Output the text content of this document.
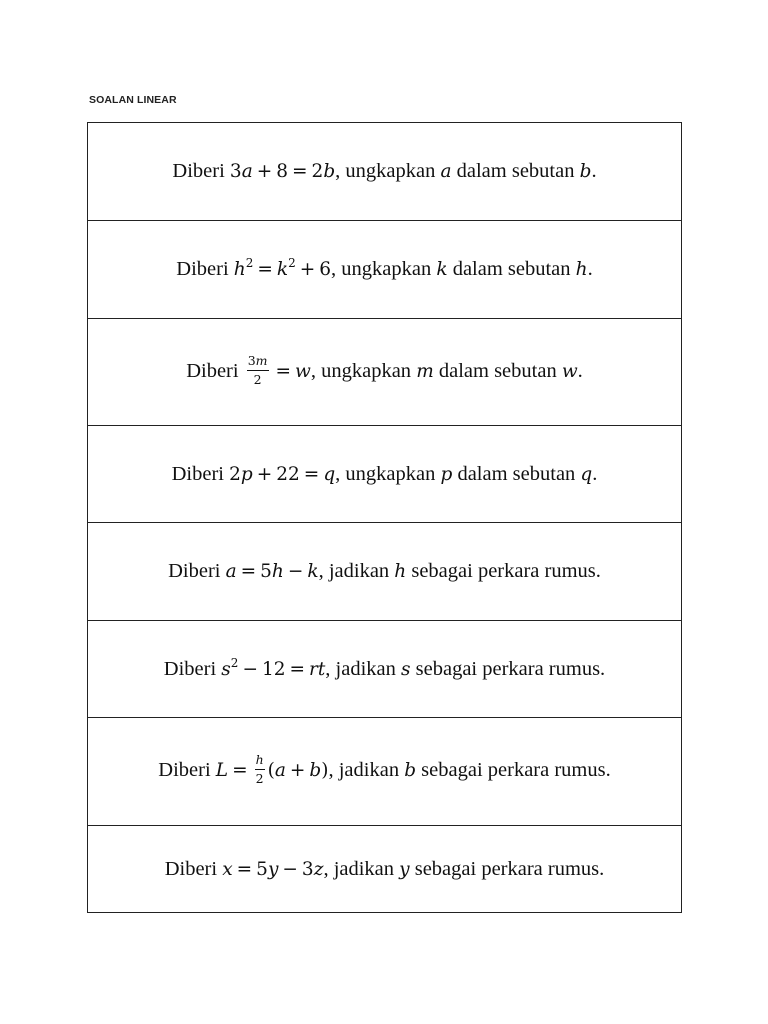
SOALAN LINEAR
Diberi 3a + 8 = 2b, ungkapkan a dalam sebutan b.
Diberi $h^2 = k^2 + 6$, ungkapkan k dalam sebutan h.
Diberi $\frac{3m}{2} = w$, ungkapkan m dalam sebutan w.
Diberi 2p + 22 = q, ungkapkan p dalam sebutan q.
Diberi a = 5h − k, jadikan h sebagai perkara rumus.
Diberi $s^2 - 12$ = rt, jadikan s sebagai perkara rumus.
Diberi $L = \frac{h}{2} (a + b)$, jadikan b sebagai perkara rumus.
Diberi x = 5y − 3z, jadikan y sebagai perkara rumus.
